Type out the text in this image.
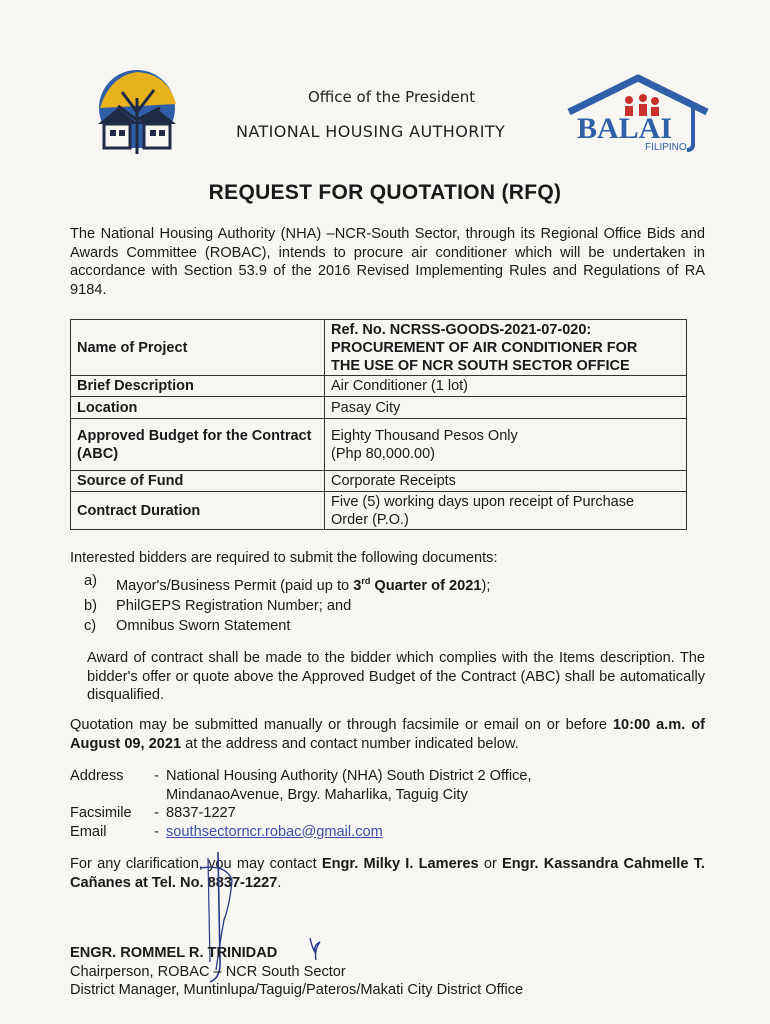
Office of the President
NATIONAL HOUSING AUTHORITY BALAI
FILIPINO
REQUEST FOR QUOTATION (RFQ)
The National Housing Authority (NHA) –NCR-South Sector, through its Regional Office Bids and Awards Committee (ROBAC), intends to procure air conditioner which will be undertaken in accordance with Section 53.9 of the 2016 Revised Implementing Rules and Regulations of RA 9184.
Name of Project	Ref. No. NCRSS-GOODS-2021-07-020:
PROCUREMENT OF AIR CONDITIONER FOR
THE USE OF NCR SOUTH SECTOR OFFICE

Brief Description	Air Conditioner (1 lot)
Location	Pasay City
Approved Budget for the Contract (ABC)	Eighty Thousand Pesos Only
(Php 80,000.00)

Source of Fund	Corporate Receipts
Contract Duration	Five (5) working days upon receipt of Purchase
Order (P.O.)
Interested bidders are required to submit the following documents:
a)	Mayor's/Business Permit (paid up to 3rd Quarter of 2021);
b)	PhilGEPS Registration Number; and
c)	Omnibus Sworn Statement
Award of contract shall be made to the bidder which complies with the Items description. The bidder's offer or quote above the Approved Budget of the Contract (ABC) shall be automatically disqualified.
Quotation may be submitted manually or through facsimile or email on or before 10:00 a.m. of August 09, 2021 at the address and contact number indicated below.
Address	- National Housing Authority (NHA) South District 2 Office,
MindanaoAvenue, Brgy. Maharlika, Taguig City
Facsimile	- 8837-1227
Email	- southsectorncr.robac@gmail.com
For any clarification, you may contact Engr. Milky I. Lameres or Engr. Kassandra Cahmelle T. Cañanes at Tel. No. 8837-1227.
ENGR. ROMMEL R. TRINIDAD
Chairperson, ROBAC – NCR South Sector
District Manager, Muntinlupa/Taguig/Pateros/Makati City District Office
